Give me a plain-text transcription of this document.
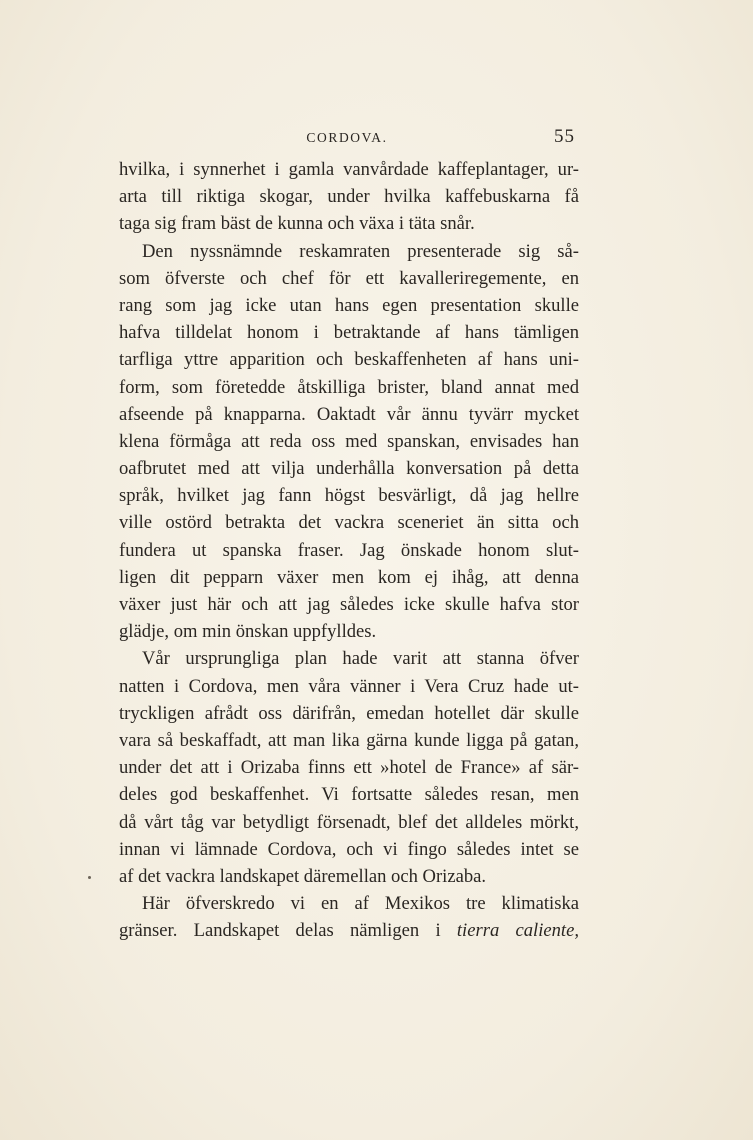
CORDOVA.	55
hvilka, i synnerhet i gamla vanvårdade kaffeplantager, ur-
arta till riktiga skogar, under hvilka kaffebuskarna få
taga sig fram bäst de kunna och växa i täta snår.
Den nyssnämnde reskamraten presenterade sig så-
som öfverste och chef för ett kavalleriregemente, en
rang som jag icke utan hans egen presentation skulle
hafva tilldelat honom i betraktande af hans tämligen
tarfliga yttre apparition och beskaffenheten af hans uni-
form, som företedde åtskilliga brister, bland annat med
afseende på knapparna. Oaktadt vår ännu tyvärr mycket
klena förmåga att reda oss med spanskan, envisades han
oafbrutet med att vilja underhålla konversation på detta
språk, hvilket jag fann högst besvärligt, då jag hellre
ville ostörd betrakta det vackra sceneriet än sitta och
fundera ut spanska fraser. Jag önskade honom slut-
ligen dit pepparn växer men kom ej ihåg, att denna
växer just här och att jag således icke skulle hafva stor
glädje, om min önskan uppfylldes.
Vår ursprungliga plan hade varit att stanna öfver
natten i Cordova, men våra vänner i Vera Cruz hade ut-
tryckligen afrådt oss därifrån, emedan hotellet där skulle
vara så beskaffadt, att man lika gärna kunde ligga på gatan,
under det att i Orizaba finns ett »hotel de France» af sär-
deles god beskaffenhet. Vi fortsatte således resan, men
då vårt tåg var betydligt försenadt, blef det alldeles mörkt,
innan vi lämnade Cordova, och vi fingo således intet se
af det vackra landskapet däremellan och Orizaba.
Här öfverskredo vi en af Mexikos tre klimatiska
gränser. Landskapet delas nämligen i tierra caliente,
